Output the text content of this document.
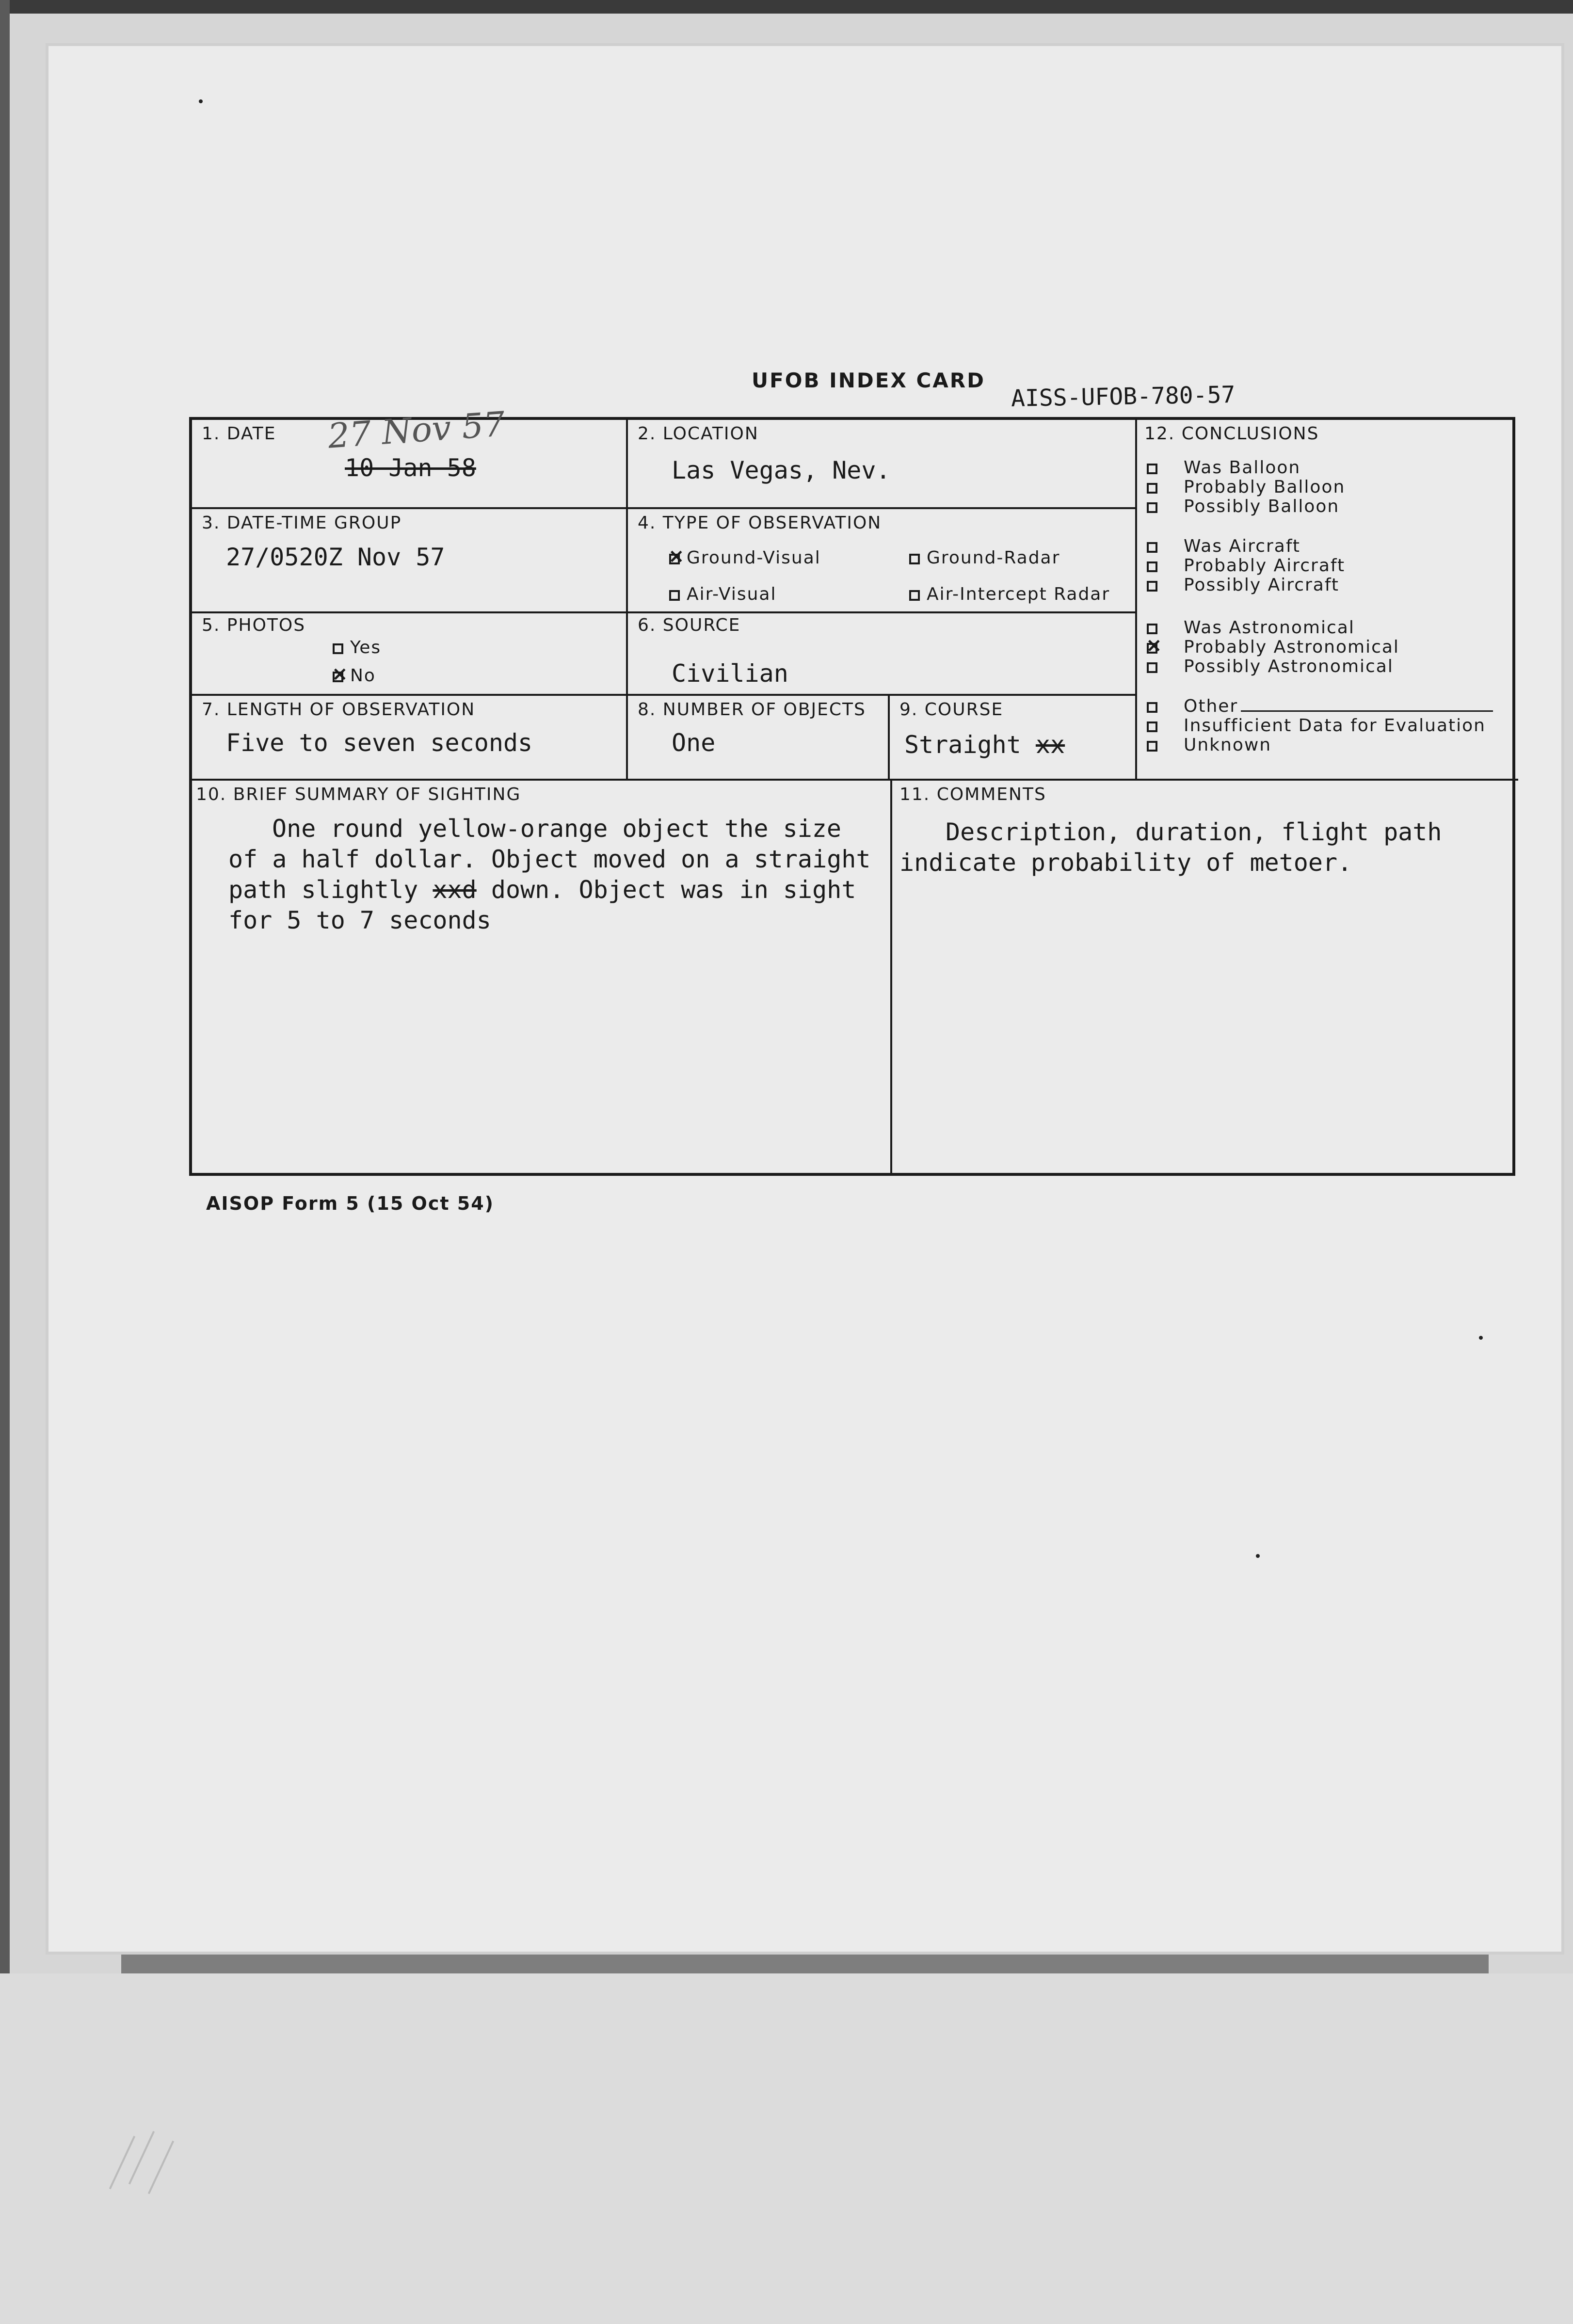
UFOB INDEX CARD
AISS-UFOB-780-57
1. DATE 27 Nov 57
10 Jan 58
2. LOCATION
Las Vegas, Nev.
3. DATE-TIME GROUP
27/0520Z Nov 57
4. TYPE OF OBSERVATION
×Ground-Visual	Ground-Radar
Air-Visual	Air-Intercept Radar
5. PHOTOS
Yes
×No
6. SOURCE
Civilian
7. LENGTH OF OBSERVATION
Five to seven seconds
8. NUMBER OF OBJECTS
One
9. COURSE
Straight xx
12. CONCLUSIONS
Was Balloon
Probably Balloon
Possibly Balloon
Was Aircraft
Probably Aircraft
Possibly Aircraft
Was Astronomical
×Probably Astronomical
Possibly Astronomical
Other
Insufficient Data for Evaluation
Unknown
10. BRIEF SUMMARY OF SIGHTING
One round yellow-orange object the size
of a half dollar. Object moved on a straight
path slightly xxd down. Object was in sight
for 5 to 7 seconds
11. COMMENTS
Description, duration, flight path
indicate probability of metoer.
AISOP Form 5 (15 Oct 54)
